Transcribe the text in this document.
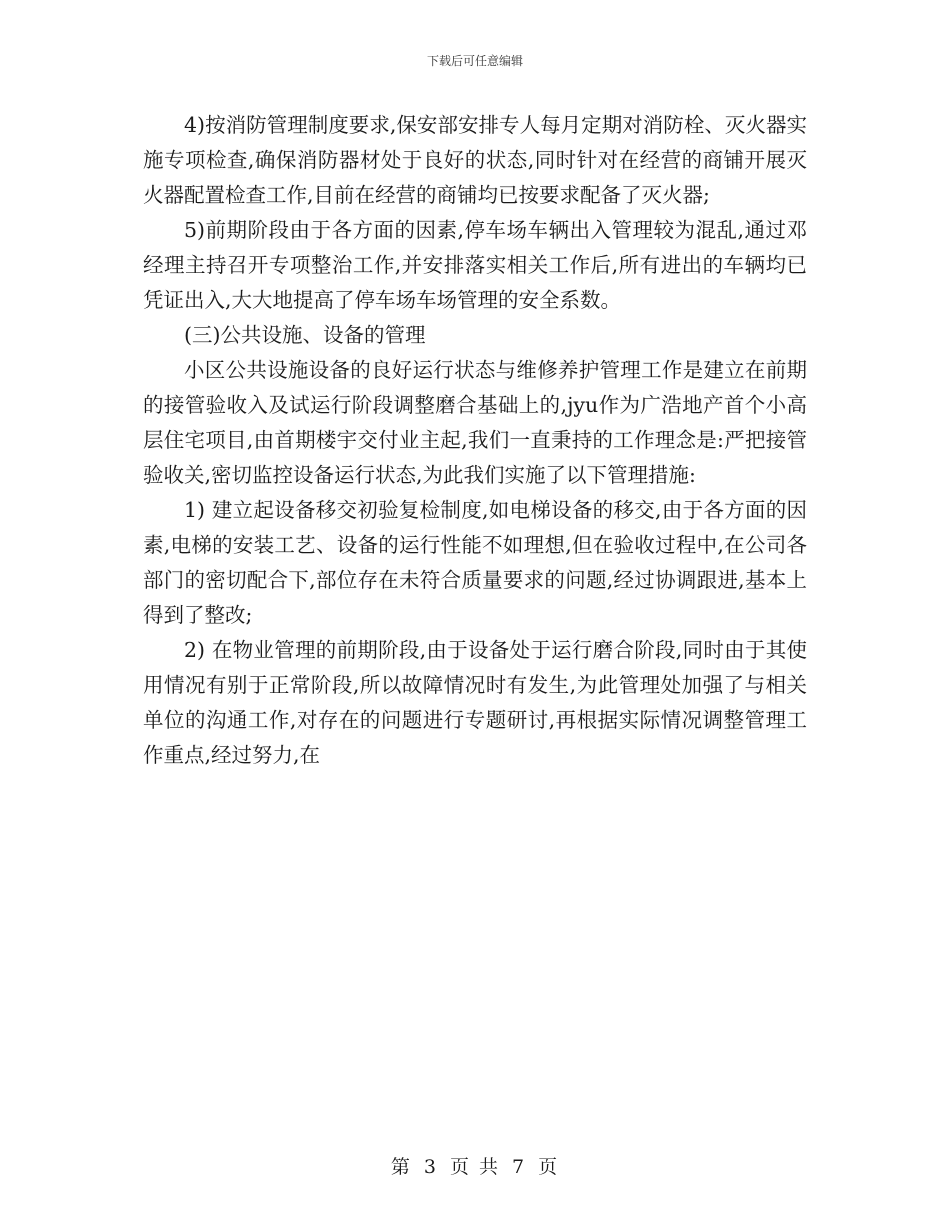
下载后可任意编辑

4)按消防管理制度要求,保安部安排专人每月定期对消防栓、灭火器实施专项检查,确保消防器材处于良好的状态,同时针对在经营的商铺开展灭火器配置检查工作,目前在经营的商铺均已按要求配备了灭火器;

5)前期阶段由于各方面的因素,停车场车辆出入管理较为混乱,通过邓经理主持召开专项整治工作,并安排落实相关工作后,所有进出的车辆均已凭证出入,大大地提高了停车场车场管理的安全系数。

(三)公共设施、设备的管理

小区公共设施设备的良好运行状态与维修养护管理工作是建立在前期的接管验收入及试运行阶段调整磨合基础上的,jyu作为广浩地产首个小高层住宅项目,由首期楼宇交付业主起,我们一直秉持的工作理念是:严把接管验收关,密切监控设备运行状态,为此我们实施了以下管理措施:

1) 建立起设备移交初验复检制度,如电梯设备的移交,由于各方面的因素,电梯的安装工艺、设备的运行性能不如理想,但在验收过程中,在公司各部门的密切配合下,部位存在未符合质量要求的问题,经过协调跟进,基本上得到了整改;

2) 在物业管理的前期阶段,由于设备处于运行磨合阶段,同时由于其使用情况有别于正常阶段,所以故障情况时有发生,为此管理处加强了与相关单位的沟通工作,对存在的问题进行专题研讨,再根据实际情况调整管理工作重点,经过努力,在

第 3 页 共 7 页
